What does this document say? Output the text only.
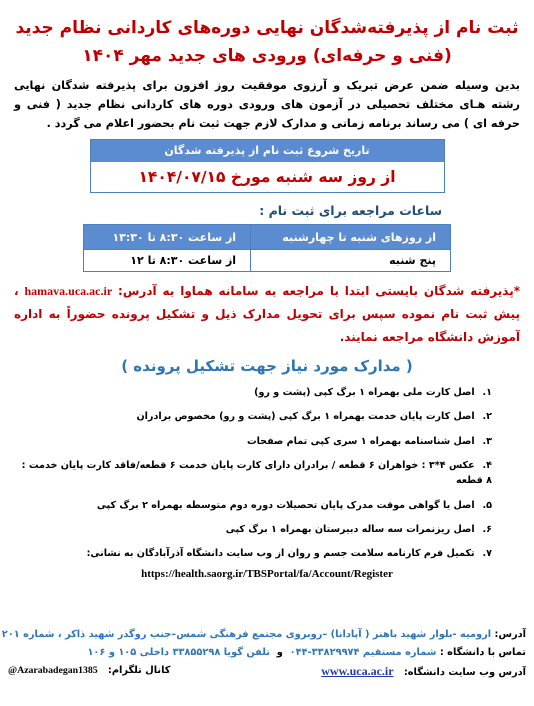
ثبت نام از پذیرفته‌شدگان نهایی دوره‌های کاردانی نظام جدید

(فنی و حرفه‌ای) ورودی های جدید مهر ۱۴۰۴

بدین وسیله ضمن عرض تبریک و آرزوی موفقیت روز افزون برای پذیرفته شدگان نهایی رشته هـای مختلف تحصیلی در آزمون های ورودی دوره های کاردانی نظام جدید ( فنی و حرفه ای ) می رساند برنامه زمانی و مدارک لازم جهت ثبت نام بحضور اعلام می گردد .

تاریخ شروع ثبت نام از پذیرفته شدگان
از روز سه شنبه مورخ ۱۴۰۴/۰۷/۱۵
ساعات مراجعه برای ثبت نام :
از روزهای شنبه تا چهارشنبه	از ساعت ۸:۳۰ تا ۱۳:۳۰
پنج شنبه	از ساعت ۸:۳۰ تا ۱۲

*پذیرفته شدگان بایستی ابتدا با مراجعه به سامانه هماوا به آدرس: hamava.uca.ac.ir ، پیش ثبت نام نموده سپس برای تحویل مدارک ذیل و تشکیل پرونده حضوراً به اداره آموزش دانشگاه مراجعه نمایند.

( مدارک مورد نیاز جهت تشکیل پرونده )

۱. اصل کارت ملی بهمراه ۱ برگ کپی (پشت و رو)
۲. اصل کارت پایان خدمت بهمراه ۱ برگ کپی (پشت و رو) مخصوص برادران
۳. اصل شناسنامه بهمراه ۱ سری کپی تمام صفحات
۴. عکس ۴*۳ : خواهران ۶ قطعه / برادران دارای کارت پایان خدمت ۶ قطعه/فاقد کارت پایان خدمت : ۸ قطعه
۵. اصل یا گواهی موقت مدرک پایان تحصیلات دوره دوم متوسطه بهمراه ۲ برگ کپی
۶. اصل ریزنمرات سه ساله دبیرستان بهمراه ۱ برگ کپی
۷. تکمیل فرم کارنامه سلامت جسم و روان از وب سایت دانشگاه آذرآبادگان به نشانی:

https://health.saorg.ir/TBSPortal/fa/Account/Register

آدرس: ارومیه -بلوار شهید باهنر ( آپادانا) –روبروی مجتمع فرهنگی شمس–جنب روگذر شهید ذاکر ، شماره ۲۰۱
تماس با دانشگاه : شماره مستقیم ۳۳۸۲۹۹۷۴-۰۴۴  و  تلفن گویا ۳۳۸۵۵۲۹۸ داخلی ۱۰۵ و ۱۰۶
آدرس وب سایت دانشگاه:   www.uca.ac.ir
کانال تلگرام:   @Azarabadegan1385
